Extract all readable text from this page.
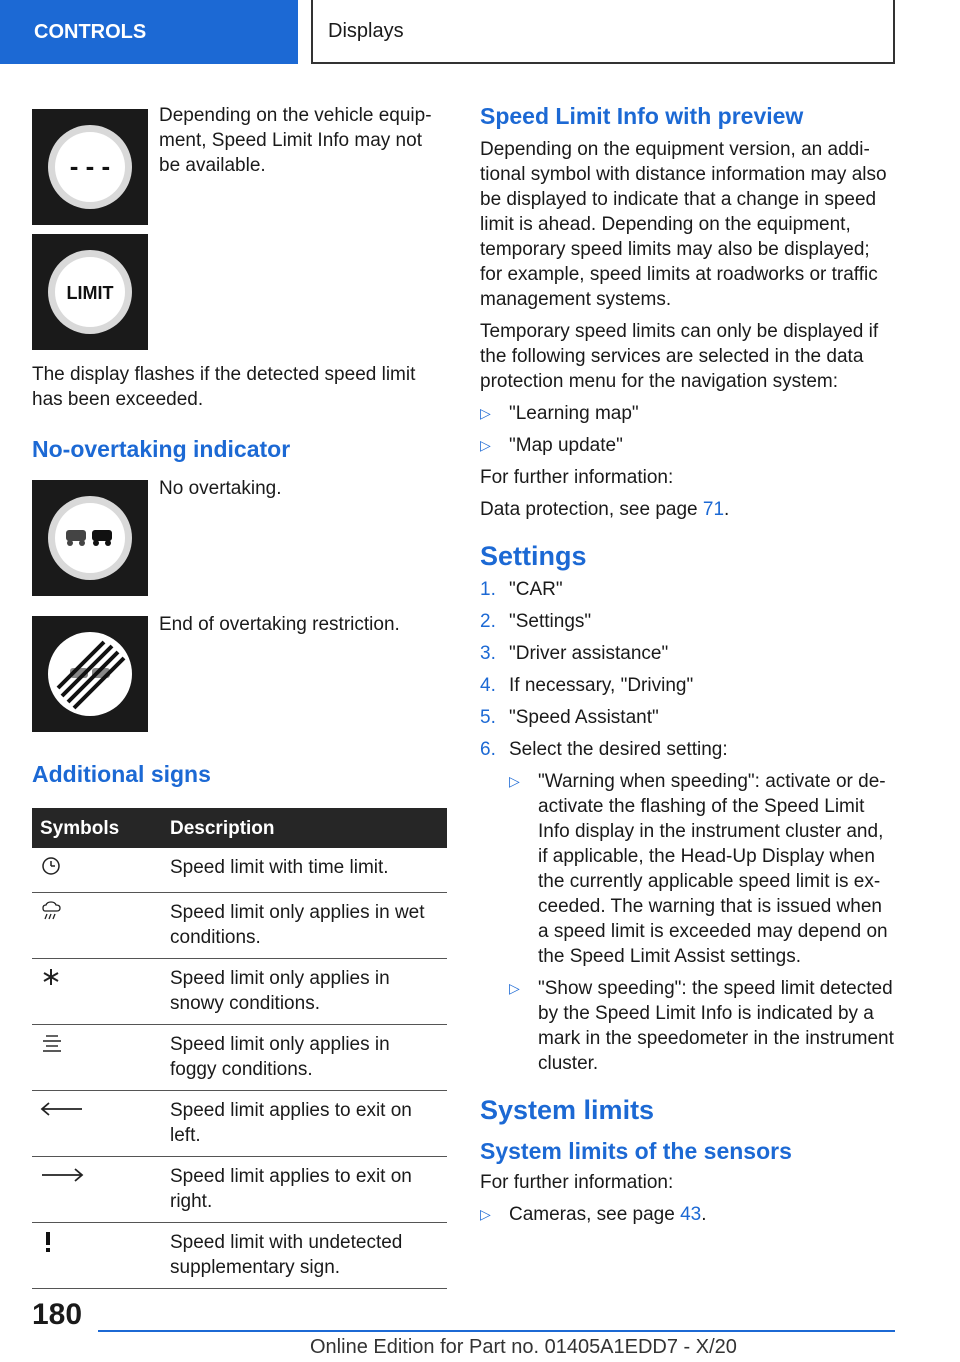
CONTROLS	Displays
- - -
LIMIT

Depending on the vehicle equipment, Speed Limit Info may not be available.

The display flashes if the detected speed limit has been exceeded.

No-overtaking indicator

No overtaking.

End of overtaking restriction.

Additional signs
Symbols	Description
	Speed limit with time limit.
	Speed limit only applies in wet conditions.
	Speed limit only applies in snowy conditions.
	Speed limit only applies in foggy conditions.
	Speed limit applies to exit on left.
	Speed limit applies to exit on right.
	Speed limit with undetected supplementary sign.
Speed Limit Info with preview

Depending on the equipment version, an additional symbol with distance information may also be displayed to indicate that a change in speed limit is ahead. Depending on the equipment, temporary speed limits may also be displayed; for example, speed limits at roadworks or traffic management systems.

Temporary speed limits can only be displayed if the following services are selected in the data protection menu for the navigation system:

▷ "Learning map"
▷ "Map update"

For further information:

Data protection, see page 71.

Settings
1. "CAR"
2. "Settings"
3. "Driver assistance"
4. If necessary, "Driving"
5. "Speed Assistant"
6. Select the desired setting:
▷ "Warning when speeding": activate or deactivate the flashing of the Speed Limit Info display in the instrument cluster and, if applicable, the Head-Up Display when the currently applicable speed limit is exceeded. The warning that is issued when a speed limit is exceeded may depend on the Speed Limit Assist settings.
▷ "Show speeding": the speed limit detected by the Speed Limit Info is indicated by a mark in the speedometer in the instrument cluster.
System limits
System limits of the sensors

For further information:

▷ Cameras, see page 43.
180
Online Edition for Part no. 01405A1EDD7 - X/20
